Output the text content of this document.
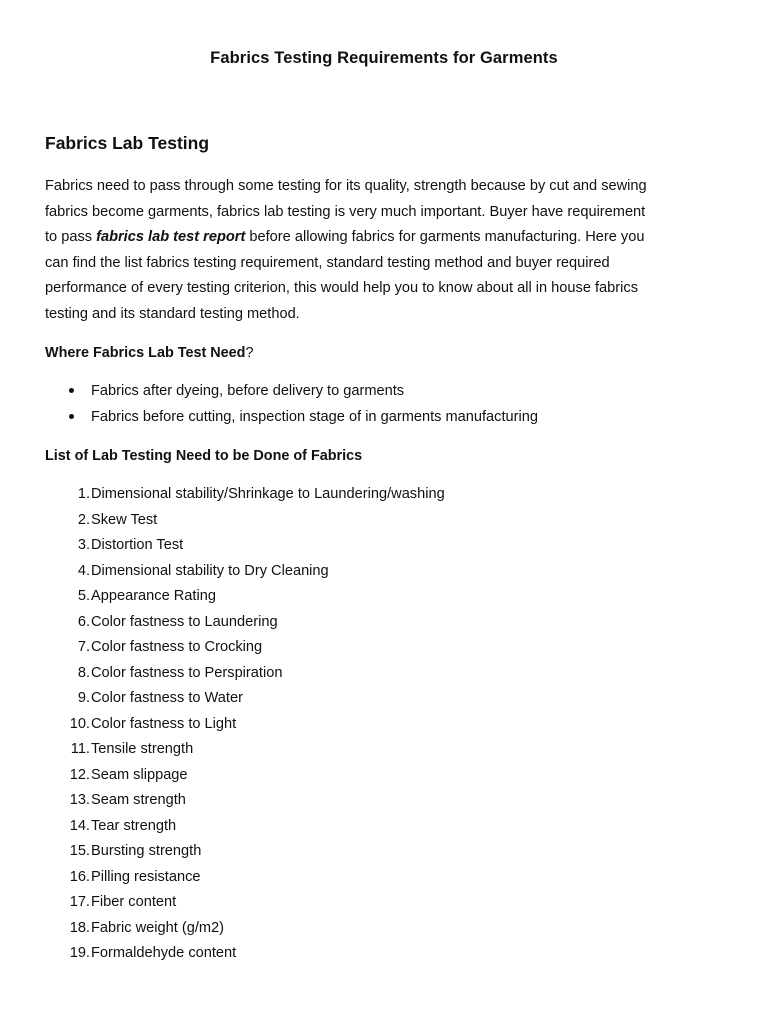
Fabrics Testing Requirements for Garments
Fabrics Lab Testing
Fabrics need to pass through some testing for its quality, strength because by cut and sewing
fabrics become garments, fabrics lab testing is very much important. Buyer have requirement
to pass fabrics lab test report before allowing fabrics for garments manufacturing. Here you
can find the list fabrics testing requirement, standard testing method and buyer required
performance of every testing criterion, this would help you to know about all in house fabrics
testing and its standard testing method.
Where Fabrics Lab Test Need?
Fabrics after dyeing, before delivery to garments
Fabrics before cutting, inspection stage of in garments manufacturing
List of Lab Testing Need to be Done of Fabrics
1. Dimensional stability/Shrinkage to Laundering/washing
2. Skew Test
3. Distortion Test
4. Dimensional stability to Dry Cleaning
5. Appearance Rating
6. Color fastness to Laundering
7. Color fastness to Crocking
8. Color fastness to Perspiration
9. Color fastness to Water
10. Color fastness to Light
11. Tensile strength
12. Seam slippage
13. Seam strength
14. Tear strength
15. Bursting strength
16. Pilling resistance
17. Fiber content
18. Fabric weight (g/m2)
19. Formaldehyde content
